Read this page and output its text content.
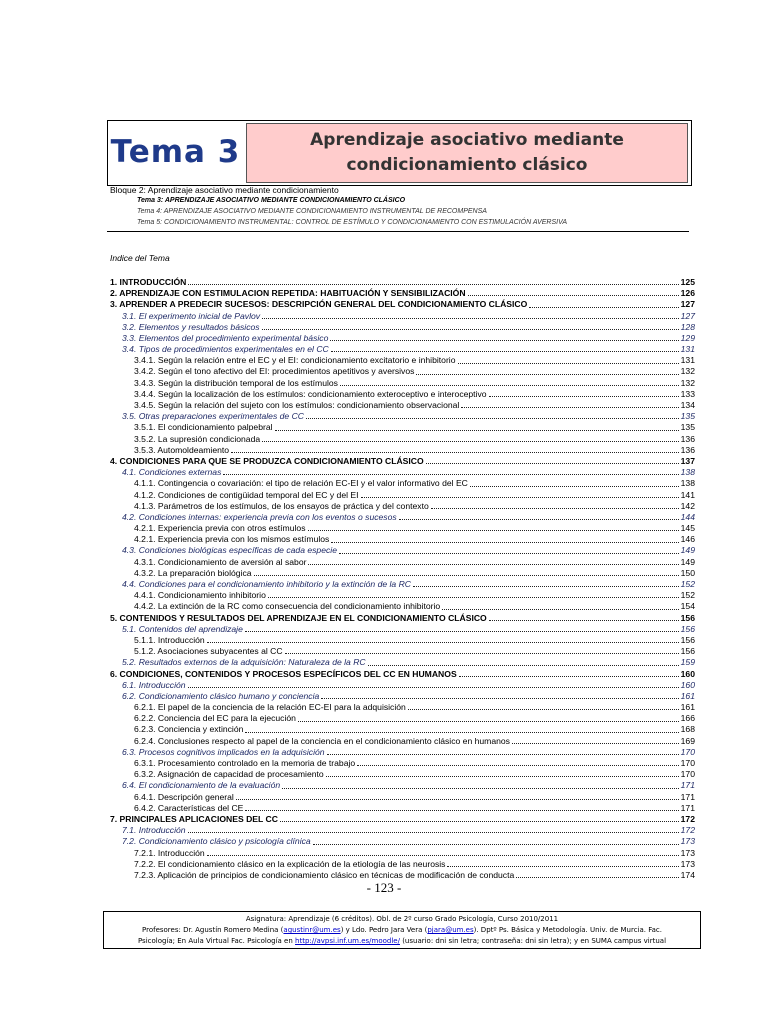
Tema 3	Aprendizaje asociativo mediante
condicionamiento clásico
Bloque 2: Aprendizaje asociativo mediante condicionamiento
Tema 3: APRENDIZAJE ASOCIATIVO MEDIANTE CONDICIONAMIENTO CLÁSICO
Tema 4: APRENDIZAJE ASOCIATIVO MEDIANTE CONDICIONAMIENTO INSTRUMENTAL DE RECOMPENSA
Tema 5: CONDICIONAMIENTO INSTRUMENTAL: CONTROL DE ESTÍMULO Y CONDICIONAMIENTO CON ESTIMULACIÓN AVERSIVA
Indice del Tema
1. INTRODUCCIÓN	125
2. APRENDIZAJE CON ESTIMULACION REPETIDA: HABITUACIÓN Y SENSIBILIZACIÓN	126
3. APRENDER A PREDECIR SUCESOS: DESCRIPCIÓN GENERAL DEL CONDICIONAMIENTO CLÁSICO	127
3.1. El experimento inicial de Pavlov	127
3.2. Elementos y resultados básicos	128
3.3. Elementos del procedimiento experimental básico	129
3.4. Tipos de procedimientos experimentales en el CC	131
3.4.1. Según la relación entre el EC y el EI: condicionamiento excitatorio e inhibitorio	131
3.4.2. Según el tono afectivo del EI: procedimientos apetitivos y aversivos	132
3.4.3. Según la distribución temporal de los estímulos	132
3.4.4. Según la localización de los estímulos: condicionamiento exteroceptivo e interoceptivo	133
3.4.5. Según la relación del sujeto con los estímulos: condicionamiento observacional	134
3.5. Otras preparaciones experimentales de CC	135
3.5.1. El condicionamiento palpebral	135
3.5.2. La supresión condicionada	136
3.5.3. Automoldeamiento	136
4. CONDICIONES PARA QUE SE PRODUZCA CONDICIONAMIENTO CLÁSICO	137
4.1. Condiciones externas	138
4.1.1. Contingencia o covariación: el tipo de relación EC-EI y el valor informativo del EC	138
4.1.2. Condiciones de contigüidad temporal del EC y del EI	141
4.1.3. Parámetros de los estímulos, de los ensayos de práctica y del contexto	142
4.2. Condiciones internas: experiencia previa con los eventos o sucesos	144
4.2.1. Experiencia previa con otros estímulos	145
4.2.1. Experiencia previa con los mismos estímulos	146
4.3. Condiciones biológicas específicas de cada especie	149
4.3.1. Condicionamiento de aversión al sabor	149
4.3.2. La preparación biológica	150
4.4. Condiciones para el condicionamiento inhibitorio y la extinción de la RC	152
4.4.1. Condicionamiento inhibitorio	152
4.4.2. La extinción de la RC como consecuencia del condicionamiento inhibitorio	154
5. CONTENIDOS Y RESULTADOS DEL APRENDIZAJE EN EL CONDICIONAMIENTO CLÁSICO	156
5.1. Contenidos del aprendizaje	156
5.1.1. Introducción	156
5.1.2. Asociaciones subyacentes al CC	156
5.2. Resultados externos de la adquisición: Naturaleza de la RC	159
6. CONDICIONES, CONTENIDOS Y PROCESOS ESPECÍFICOS DEL CC EN HUMANOS	160
6.1. Introducción	160
6.2. Condicionamiento clásico humano y conciencia	161
6.2.1. El papel de la conciencia de la relación EC-EI para la adquisición	161
6.2.2. Conciencia del EC para la ejecución	166
6.2.3. Conciencia y extinción	168
6.2.4. Conclusiones respecto al papel de la conciencia en el condicionamiento clásico en humanos	169
6.3. Procesos cognitivos implicados en la adquisición	170
6.3.1. Procesamiento controlado en la memoria de trabajo	170
6.3.2. Asignación de capacidad de procesamiento	170
6.4. El condicionamiento de la evaluación	171
6.4.1. Descripción general	171
6.4.2. Características del CE	171
7. PRINCIPALES APLICACIONES DEL CC	172
7.1. Introducción	172
7.2. Condicionamiento clásico y psicología clínica	173
7.2.1. Introducción	173
7.2.2. El condicionamiento clásico en la explicación de la etiología de las neurosis	173
7.2.3. Aplicación de principios de condicionamiento clásico en técnicas de modificación de conducta	174
- 123 -
Asignatura: Aprendizaje (6 créditos). Obl. de 2º curso Grado Psicología, Curso 2010/2011
Profesores: Dr. Agustín Romero Medina (agustinr@um.es) y Ldo. Pedro Jara Vera (pjara@um.es). Dptº Ps. Básica y Metodología. Univ. de Murcia. Fac.
Psicología; En Aula Virtual Fac. Psicología en http://avpsi.inf.um.es/moodle/ (usuario: dni sin letra; contraseña: dni sin letra); y en SUMA campus virtual
